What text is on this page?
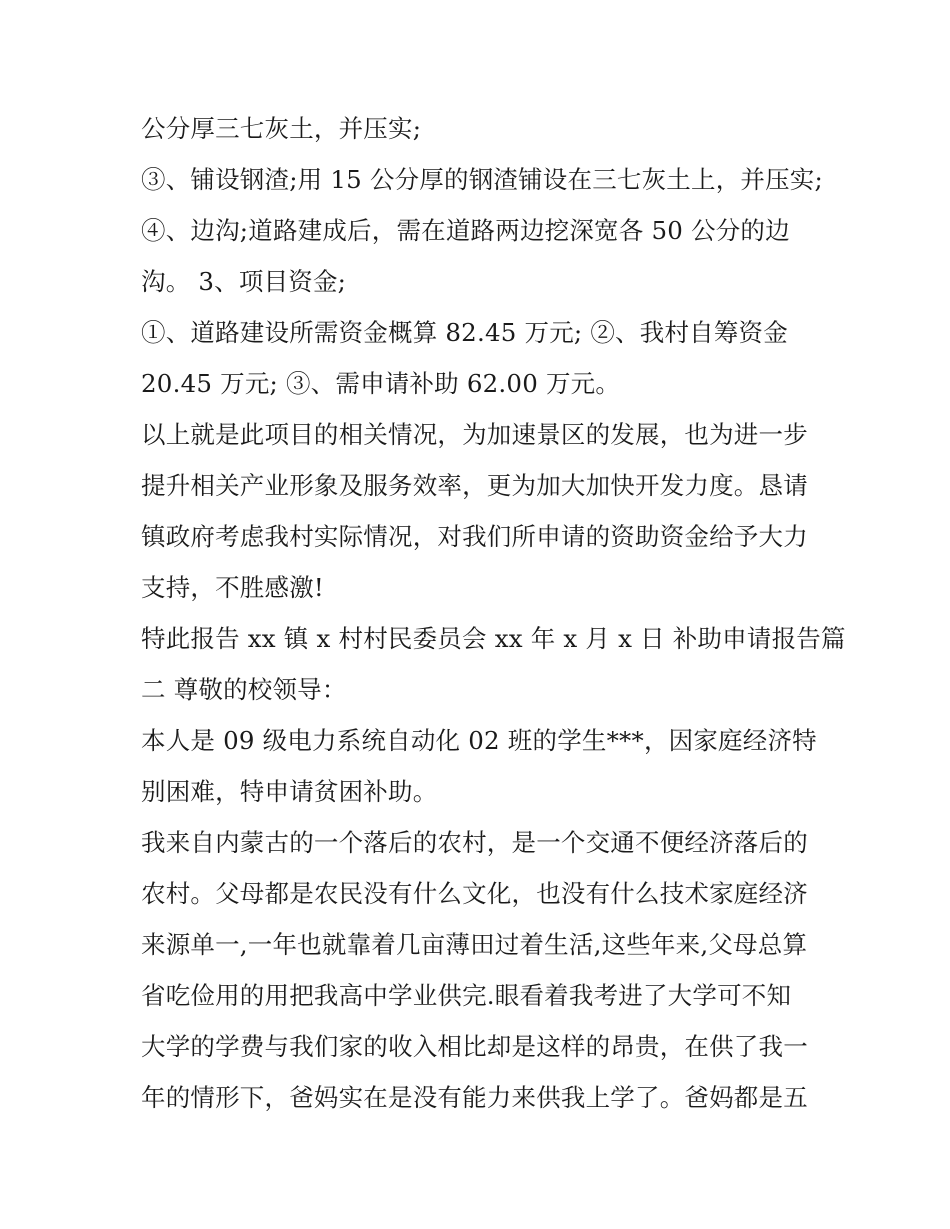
公分厚三七灰土，并压实;
③、铺设钢渣;用 15 公分厚的钢渣铺设在三七灰土上，并压实;
④、边沟;道路建成后，需在道路两边挖深宽各 50 公分的边
沟。 3、项目资金;
①、道路建设所需资金概算 82.45 万元; ②、我村自筹资金
20.45 万元; ③、需申请补助 62.00 万元。
以上就是此项目的相关情况，为加速景区的发展，也为进一步
提升相关产业形象及服务效率，更为加大加快开发力度。恳请
镇政府考虑我村实际情况，对我们所申请的资助资金给予大力
支持，不胜感激!
特此报告 xx 镇 x 村村民委员会 xx 年 x 月 x 日 补助申请报告篇
二 尊敬的校领导：
本人是 09 级电力系统自动化 02 班的学生***，因家庭经济特
别困难，特申请贫困补助。
我来自内蒙古的一个落后的农村，是一个交通不便经济落后的
农村。父母都是农民没有什么文化，也没有什么技术家庭经济
来源单一,一年也就靠着几亩薄田过着生活,这些年来,父母总算
省吃俭用的用把我高中学业供完.眼看着我考进了大学可不知
大学的学费与我们家的收入相比却是这样的昂贵，在供了我一
年的情形下，爸妈实在是没有能力来供我上学了。爸妈都是五
